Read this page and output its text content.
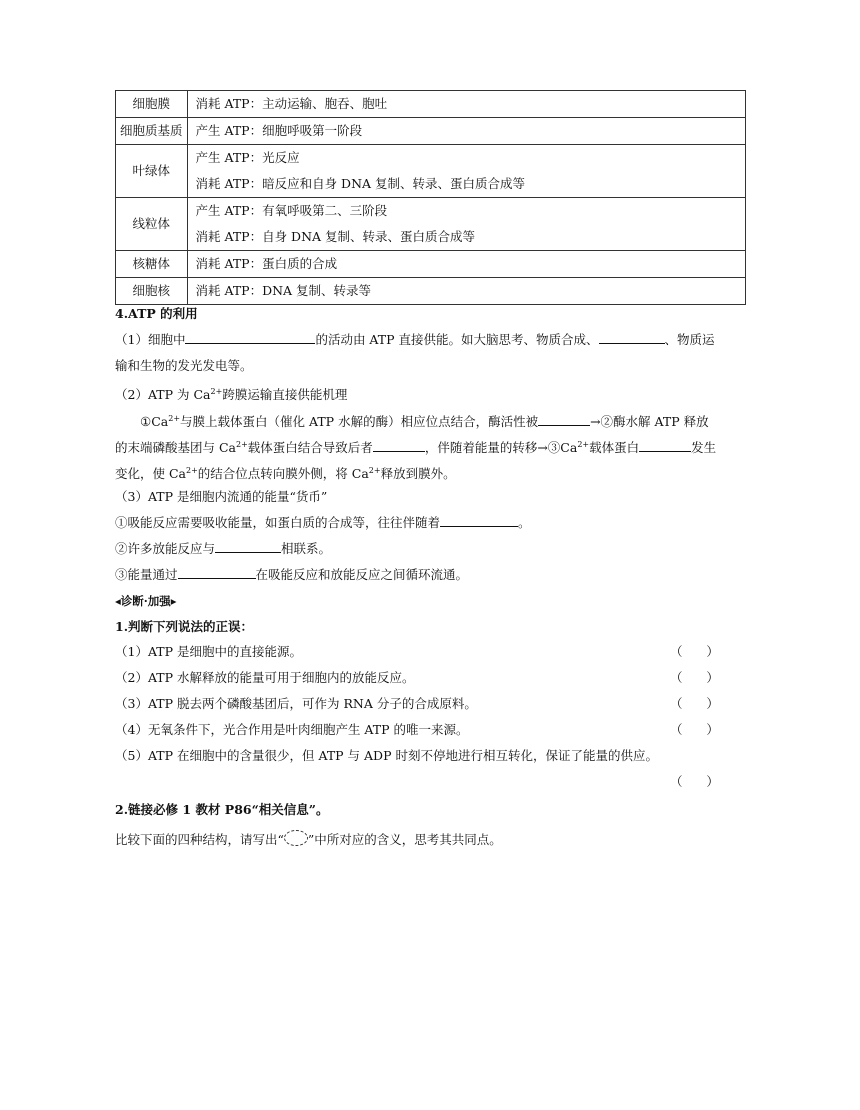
细胞膜	消耗 ATP：主动运输、胞吞、胞吐

细胞质基质	产生 ATP：细胞呼吸第一阶段

叶绿体	产生 ATP：光反应
消耗 ATP：暗反应和自身 DNA 复制、转录、蛋白质合成等

线粒体	产生 ATP：有氧呼吸第二、三阶段
消耗 ATP：自身 DNA 复制、转录、蛋白质合成等

核糖体	消耗 ATP：蛋白质的合成

细胞核	消耗 ATP：DNA 复制、转录等
4.ATP 的利用
（1）细胞中	的活动由 ATP 直接供能。如大脑思考、物质合成、	、物质运
输和生物的发光发电等。
（2）ATP 为 $Ca^{2+}$跨膜运输直接供能机理
$①Ca^{2+}$与膜上载体蛋白（催化 ATP 水解的酶）相应位点结合，酶活性被	→②酶水解 ATP 释放
的末端磷酸基团与 $Ca^{2+}$载体蛋白结合导致后者	，伴随着能量的转移$\to ③Ca^{2+}$载体蛋白	发生
变化，使 $Ca^{2+}$的结合位点转向膜外侧，将 $Ca^{2+}$释放到膜外。
（3）ATP 是细胞内流通的能量“货币”
①吸能反应需要吸收能量，如蛋白质的合成等，往往伴随着	。
②许多放能反应与	相联系。
③能量通过	在吸能反应和放能反应之间循环流通。
◂诊断·加强▸
1.判断下列说法的正误：
（1）ATP 是细胞中的直接能源。	（      ）
（2）ATP 水解释放的能量可用于细胞内的放能反应。	（      ）
（3）ATP 脱去两个磷酸基团后，可作为 RNA 分子的合成原料。	（      ）
（4）无氧条件下，光合作用是叶肉细胞产生 ATP 的唯一来源。	（      ）
（5）ATP 在细胞中的含量很少，但 ATP 与 ADP 时刻不停地进行相互转化，保证了能量的供应。
（      ）
2.链接必修 1 教材 P86“相关信息”。
比较下面的四种结构，请写出“ ”中所对应的含义，思考其共同点。
